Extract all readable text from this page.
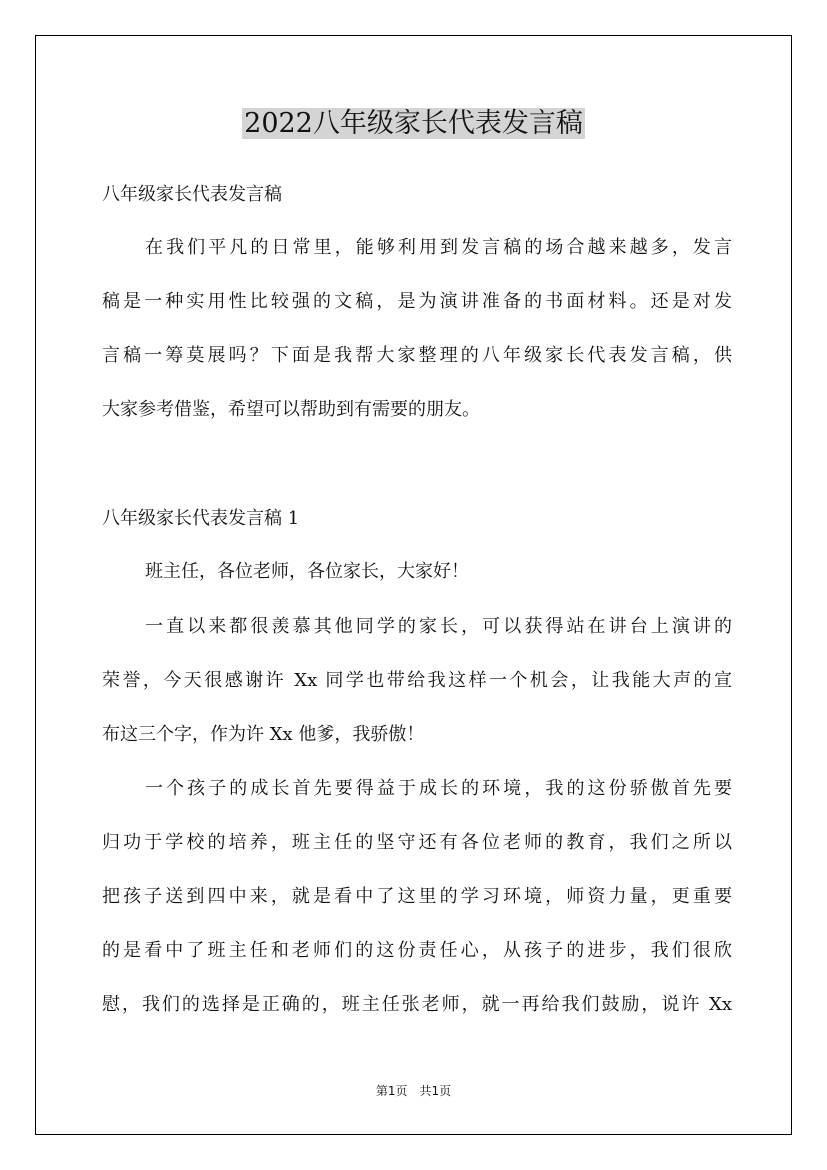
2022八年级家长代表发言稿
八年级家长代表发言稿
在我们平凡的日常里，能够利用到发言稿的场合越来越多，发言
稿是一种实用性比较强的文稿，是为演讲准备的书面材料。还是对发
言稿一筹莫展吗？下面是我帮大家整理的八年级家长代表发言稿，供
大家参考借鉴，希望可以帮助到有需要的朋友。
八年级家长代表发言稿 1
班主任，各位老师，各位家长，大家好！
一直以来都很羡慕其他同学的家长，可以获得站在讲台上演讲的
荣誉，今天很感谢许 Xx 同学也带给我这样一个机会，让我能大声的宣
布这三个字，作为许 Xx 他爹，我骄傲！
一个孩子的成长首先要得益于成长的环境，我的这份骄傲首先要
归功于学校的培养，班主任的坚守还有各位老师的教育，我们之所以
把孩子送到四中来，就是看中了这里的学习环境，师资力量，更重要
的是看中了班主任和老师们的这份责任心，从孩子的进步，我们很欣
慰，我们的选择是正确的，班主任张老师，就一再给我们鼓励，说许 Xx
第1页　共1页
